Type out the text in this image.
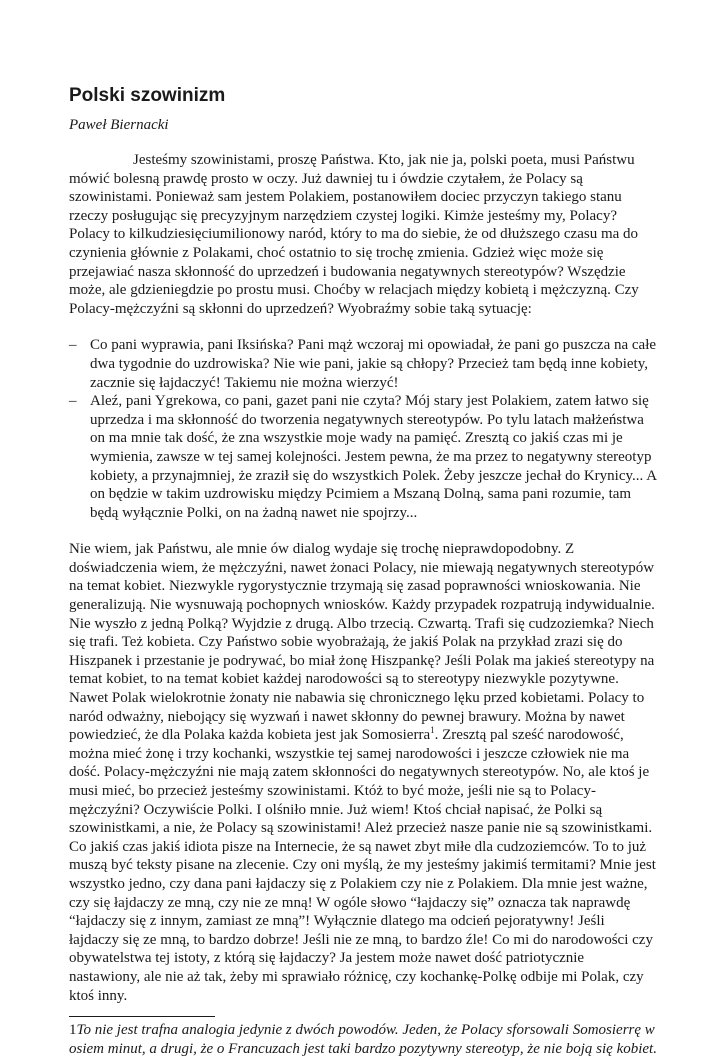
Polski szowinizm
Paweł Biernacki

Jesteśmy szowinistami, proszę Państwa. Kto, jak nie ja, polski poeta, musi Państwu mówić bolesną prawdę prosto w oczy. Już dawniej tu i ówdzie czytałem, że Polacy są szowinistami. Ponieważ sam jestem Polakiem, postanowiłem dociec przyczyn takiego stanu rzeczy posługując się precyzyjnym narzędziem czystej logiki. Kimże jesteśmy my, Polacy? Polacy to kilkudziesięciumilionowy naród, który to ma do siebie, że od dłuższego czasu ma do czynienia głównie z Polakami, choć ostatnio to się trochę zmienia. Gdzież więc może się przejawiać nasza skłonność do uprzedzeń i budowania negatywnych stereotypów? Wszędzie może, ale gdzieniegdzie po prostu musi. Choćby w relacjach między kobietą i mężczyzną. Czy Polacy-mężczyźni są skłonni do uprzedzeń? Wyobraźmy sobie taką sytuację:

– Co pani wyprawia, pani Iksińska? Pani mąż wczoraj mi opowiadał, że pani go puszcza na całe dwa tygodnie do uzdrowiska? Nie wie pani, jakie są chłopy? Przecież tam będą inne kobiety, zacznie się łajdaczyć! Takiemu nie można wierzyć!
– Aleź, pani Ygrekowa, co pani, gazet pani nie czyta? Mój stary jest Polakiem, zatem łatwo się uprzedza i ma skłonność do tworzenia negatywnych stereotypów. Po tylu latach małżeństwa on ma mnie tak dość, że zna wszystkie moje wady na pamięć. Zresztą co jakiś czas mi je wymienia, zawsze w tej samej kolejności. Jestem pewna, że ma przez to negatywny stereotyp kobiety, a przynajmniej, że zraził się do wszystkich Polek. Żeby jeszcze jechał do Krynicy... A on będzie w takim uzdrowisku między Pcimiem a Mszaną Dolną, sama pani rozumie, tam będą wyłącznie Polki, on na żadną nawet nie spojrzy...

Nie wiem, jak Państwu, ale mnie ów dialog wydaje się trochę nieprawdopodobny. Z doświadczenia wiem, że mężczyźni, nawet żonaci Polacy, nie miewają negatywnych stereotypów na temat kobiet. Niezwykle rygorystycznie trzymają się zasad poprawności wnioskowania. Nie generalizują. Nie wysnuwają pochopnych wniosków. Każdy przypadek rozpatrują indywidualnie. Nie wyszło z jedną Polką? Wyjdzie z drugą. Albo trzecią. Czwartą. Trafi się cudzoziemka? Niech się trafi. Też kobieta. Czy Państwo sobie wyobrażają, że jakiś Polak na przykład zrazi się do Hiszpanek i przestanie je podrywać, bo miał żonę Hiszpankę? Jeśli Polak ma jakieś stereotypy na temat kobiet, to na temat kobiet każdej narodowości są to stereotypy niezwykle pozytywne. Nawet Polak wielokrotnie żonaty nie nabawia się chronicznego lęku przed kobietami. Polacy to naród odważny, niebojący się wyzwań i nawet skłonny do pewnej brawury. Można by nawet powiedzieć, że dla Polaka każda kobieta jest jak Somosierra$^1$. Zresztą pal sześć narodowość, można mieć żonę i trzy kochanki, wszystkie tej samej narodowości i jeszcze człowiek nie ma dość. Polacy-mężczyźni nie mają zatem skłonności do negatywnych stereotypów. No, ale ktoś je musi mieć, bo przecież jesteśmy szowinistami. Któż to być może, jeśli nie są to Polacy-mężczyźni? Oczywiście Polki. I olśniło mnie. Już wiem! Ktoś chciał napisać, że Polki są szowinistkami, a nie, że Polacy są szowinistami! Ależ przecież nasze panie nie są szowinistkami. Co jakiś czas jakiś idiota pisze na Internecie, że są nawet zbyt miłe dla cudzoziemców. To to już muszą być teksty pisane na zlecenie. Czy oni myślą, że my jesteśmy jakimiś termitami? Mnie jest wszystko jedno, czy dana pani łajdaczy się z Polakiem czy nie z Polakiem. Dla mnie jest ważne, czy się łajdaczy ze mną, czy nie ze mną! W ogóle słowo “łajdaczy się” oznacza tak naprawdę “łajdaczy się z innym, zamiast ze mną”! Wyłącznie dlatego ma odcień pejoratywny! Jeśli łajdaczy się ze mną, to bardzo dobrze! Jeśli nie ze mną, to bardzo źle! Co mi do narodowości czy obywatelstwa tej istoty, z którą się łajdaczy? Ja jestem może nawet dość patriotycznie nastawiony, ale nie aż tak, żeby mi sprawiało różnicę, czy kochankę-Polkę odbije mi Polak, czy ktoś inny.

1To nie jest trafna analogia jedynie z dwóch powodów. Jeden, że Polacy sforsowali Somosierrę w osiem minut, a drugi, że o Francuzach jest taki bardzo pozytywny stereotyp, że nie boją się kobiet.
